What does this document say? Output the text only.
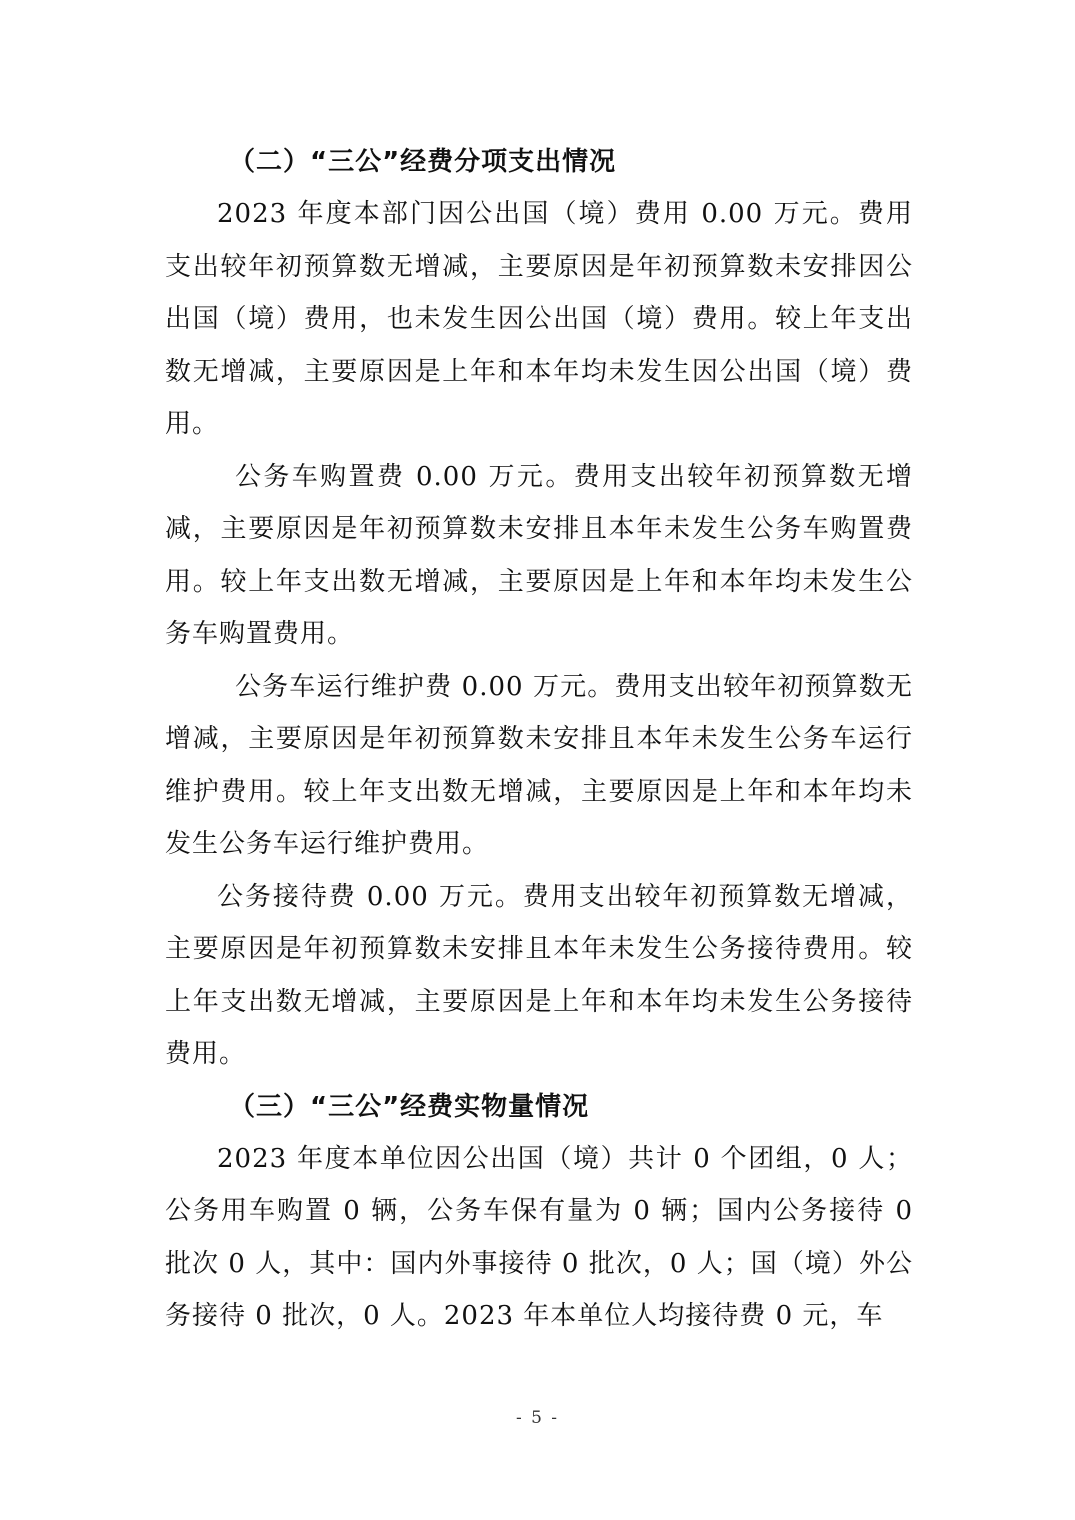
（二）“三公”经费分项支出情况

2023 年度本部门因公出国（境）费用 0.00 万元。费用支出较年初预算数无增减，主要原因是年初预算数未安排因公出国（境）费用，也未发生因公出国（境）费用。较上年支出数无增减，主要原因是上年和本年均未发生因公出国（境）费用。

公务车购置费 0.00 万元。费用支出较年初预算数无增减，主要原因是年初预算数未安排且本年未发生公务车购置费用。较上年支出数无增减，主要原因是上年和本年均未发生公务车购置费用。

公务车运行维护费 0.00 万元。费用支出较年初预算数无增减，主要原因是年初预算数未安排且本年未发生公务车运行维护费用。较上年支出数无增减，主要原因是上年和本年均未发生公务车运行维护费用。

公务接待费 0.00 万元。费用支出较年初预算数无增减，主要原因是年初预算数未安排且本年未发生公务接待费用。较上年支出数无增减，主要原因是上年和本年均未发生公务接待费用。

（三）“三公”经费实物量情况

2023 年度本单位因公出国（境）共计 0 个团组，0 人；公务用车购置 0 辆，公务车保有量为 0 辆；国内公务接待 0 批次 0 人，其中：国内外事接待 0 批次，0 人；国（境）外公务接待 0 批次，0 人。2023 年本单位人均接待费 0 元，车

- 5 -
